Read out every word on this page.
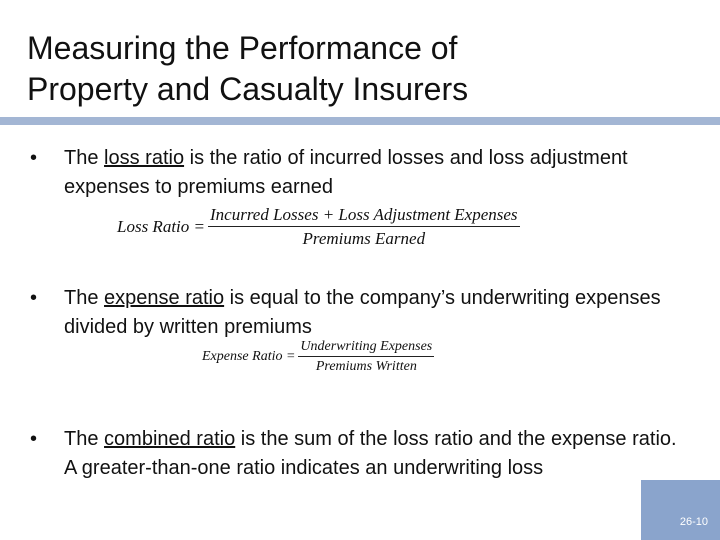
Measuring the Performance of
Property and Casualty Insurers
•	The loss ratio is the ratio of incurred losses and loss adjustment expenses to premiums earned
Loss Ratio = $\frac{\text{Incurred Losses + Loss Adjustment Expenses}}{\text{Premiums Earned}}$
•	The expense ratio is equal to the company’s underwriting expenses divided by written premiums
Expense Ratio = $\frac{\text{Underwriting Expenses}}{\text{Premiums Written}}$
•	The combined ratio is the sum of the loss ratio and the expense ratio. A greater-than-one ratio indicates an underwriting loss
26-10
